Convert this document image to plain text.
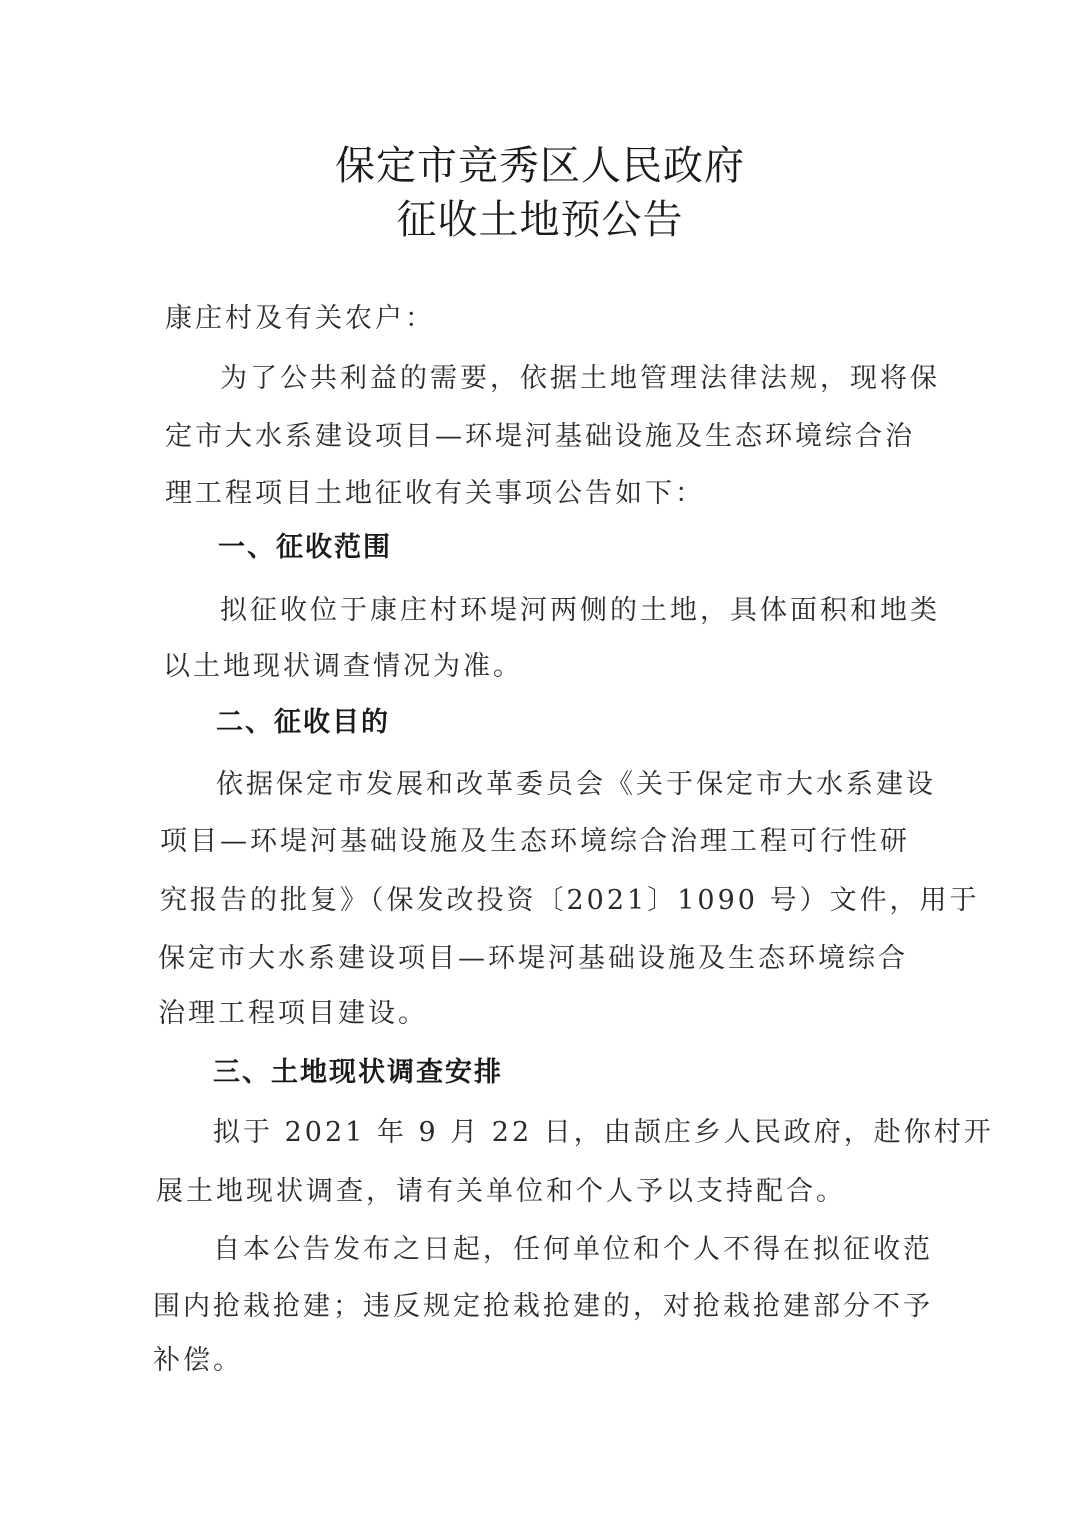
保定市竞秀区人民政府
征收土地预公告
康庄村及有关农户：
为了公共利益的需要，依据土地管理法律法规，现将保
定市大水系建设项目—环堤河基础设施及生态环境综合治
理工程项目土地征收有关事项公告如下：
一、征收范围
拟征收位于康庄村环堤河两侧的土地，具体面积和地类
以土地现状调查情况为准。
二、征收目的
依据保定市发展和改革委员会《关于保定市大水系建设
项目—环堤河基础设施及生态环境综合治理工程可行性研
究报告的批复》（保发改投资〔2021〕1090 号）文件，用于
保定市大水系建设项目—环堤河基础设施及生态环境综合
治理工程项目建设。
三、土地现状调查安排
拟于 2021 年 9 月 22 日，由颉庄乡人民政府，赴你村开
展土地现状调查，请有关单位和个人予以支持配合。
自本公告发布之日起，任何单位和个人不得在拟征收范
围内抢栽抢建；违反规定抢栽抢建的，对抢栽抢建部分不予
补偿。
